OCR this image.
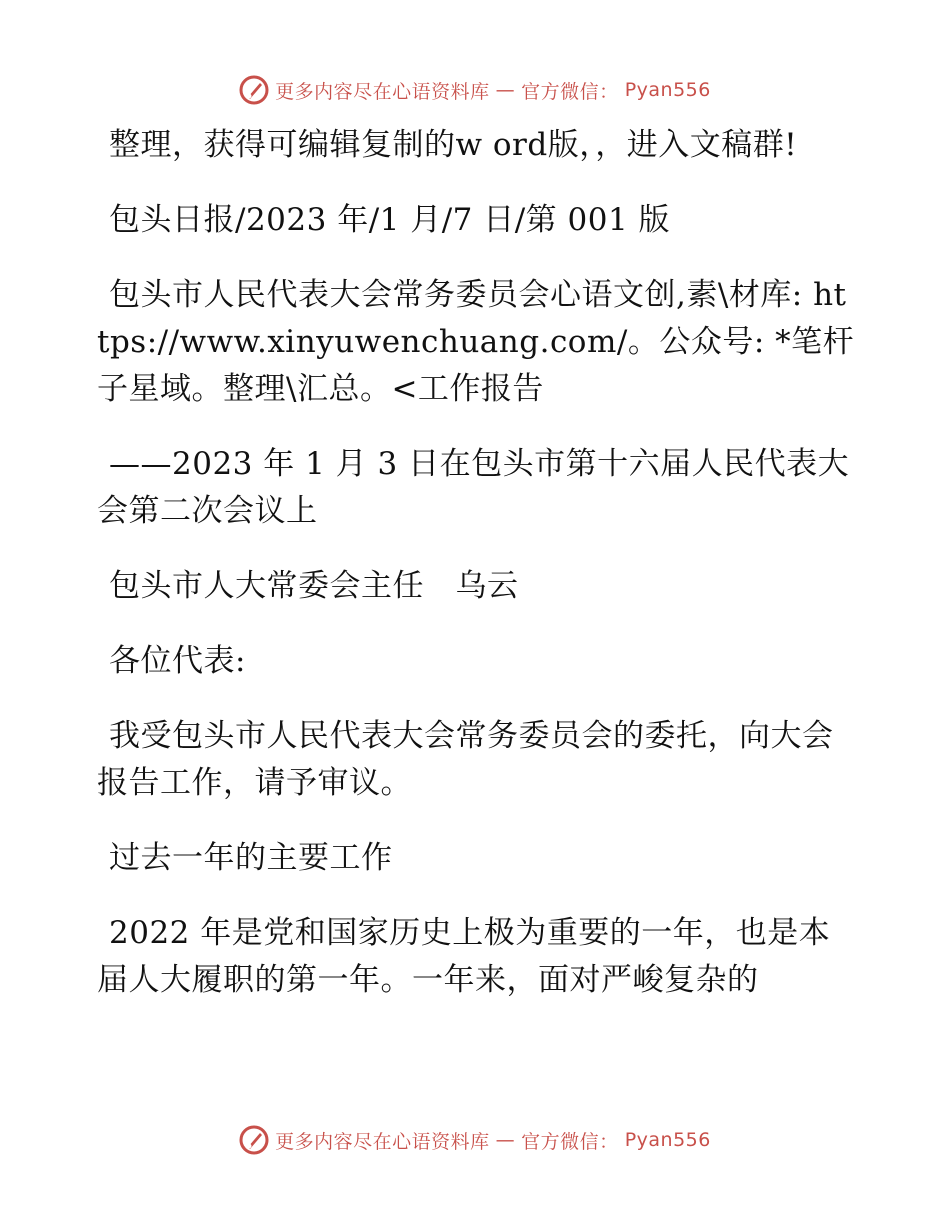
更多内容尽在心语资料库 — 官方微信： Pyan556

整理，获得可编辑复制的w ord版，，进入文稿群!

包头日报/2023 年/1 月/7 日/第 001 版

包头市人民代表大会常务委员会心语文创,素\材库: https://www.xinyuwenchuang.com/。公众号: *笔杆子星域。整理\汇总。<工作报告

——2023 年 1 月 3 日在包头市第十六届人民代表大会第二次会议上

包头市人大常委会主任　乌云

各位代表:

我受包头市人民代表大会常务委员会的委托，向大会报告工作，请予审议。

过去一年的主要工作

2022 年是党和国家历史上极为重要的一年，也是本届人大履职的第一年。一年来，面对严峻复杂的

更多内容尽在心语资料库 — 官方微信： Pyan556
